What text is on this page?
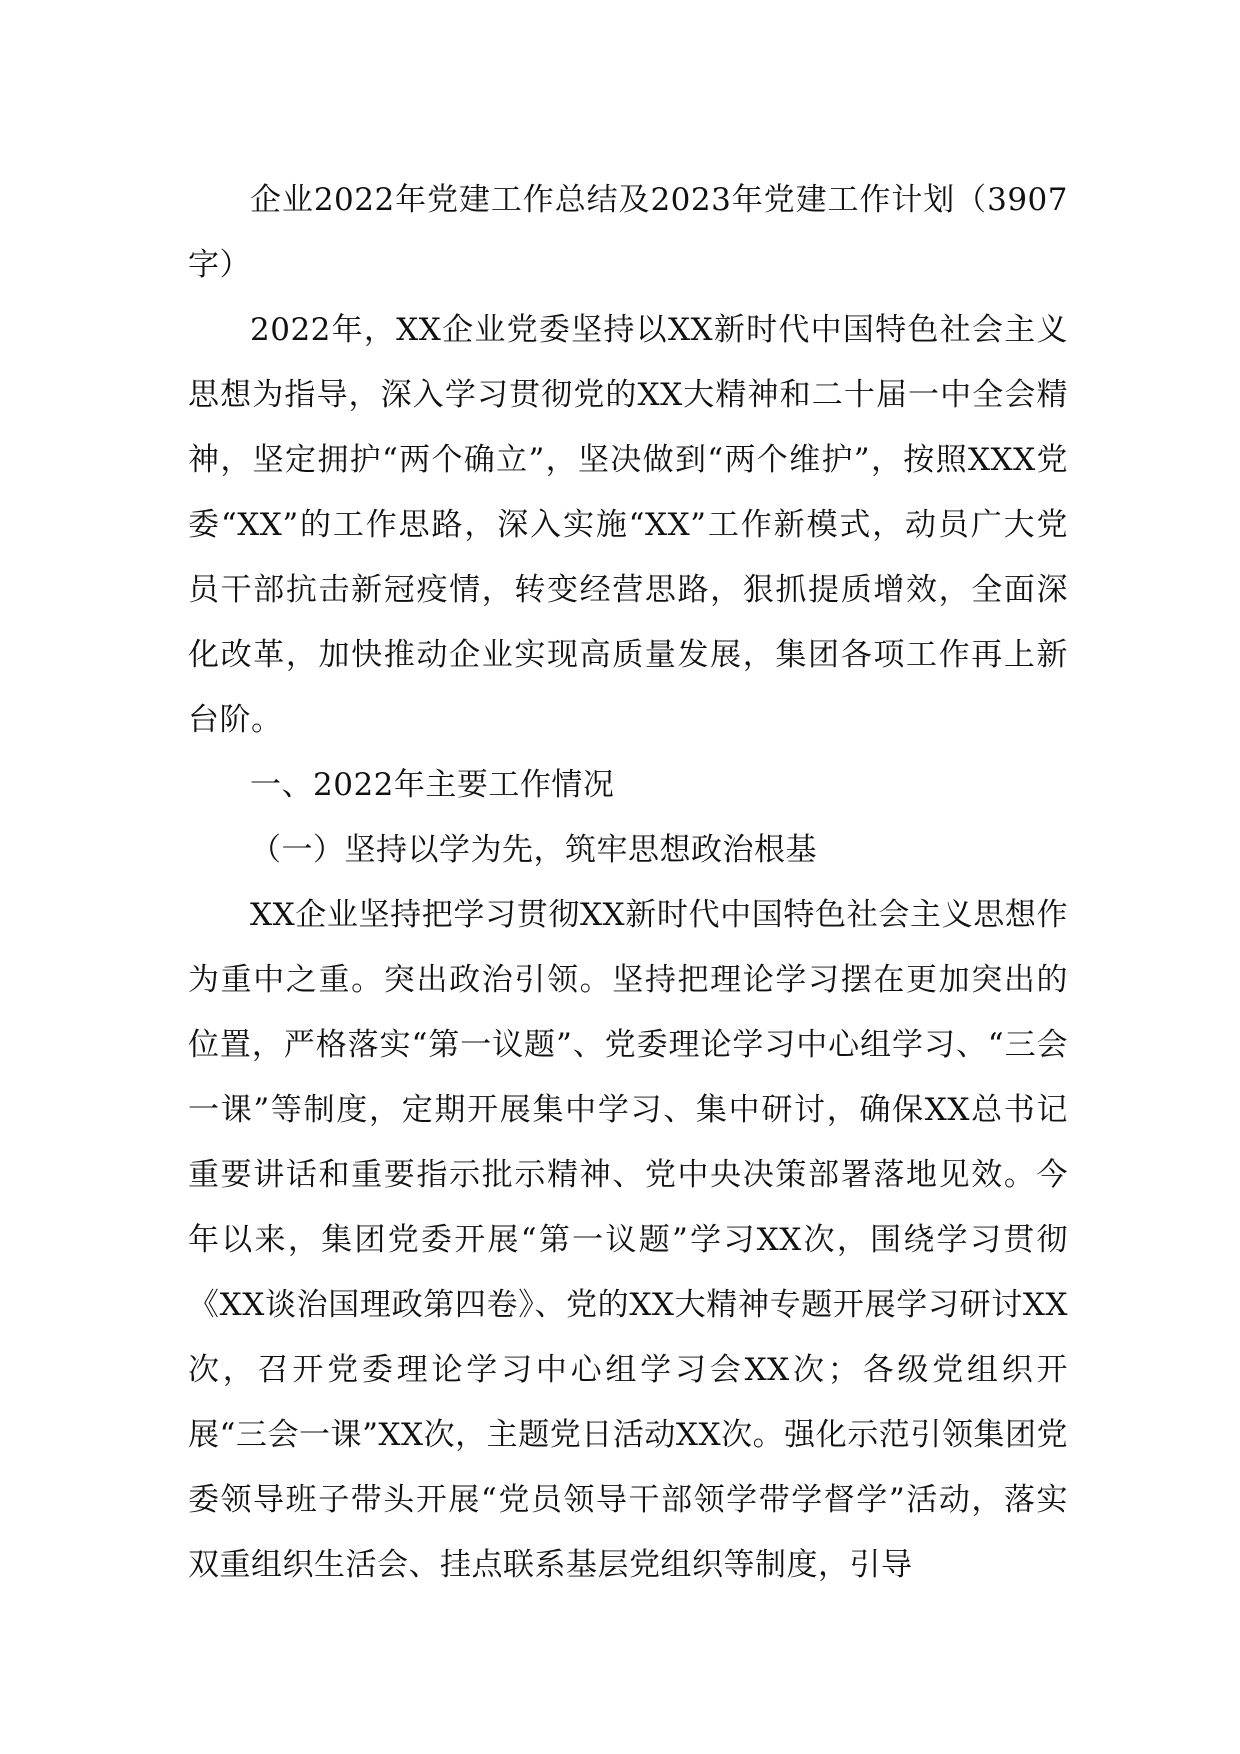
企业2022年党建工作总结及2023年党建工作计划（3907字）

2022年，XX企业党委坚持以XX新时代中国特色社会主义思想为指导，深入学习贯彻党的XX大精神和二十届一中全会精神，坚定拥护“两个确立”，坚决做到“两个维护”，按照XXX党委“XX”的工作思路，深入实施“XX”工作新模式，动员广大党员干部抗击新冠疫情，转变经营思路，狠抓提质增效，全面深化改革，加快推动企业实现高质量发展，集团各项工作再上新台阶。

一、2022年主要工作情况

（一）坚持以学为先，筑牢思想政治根基

XX企业坚持把学习贯彻XX新时代中国特色社会主义思想作为重中之重。突出政治引领。坚持把理论学习摆在更加突出的位置，严格落实“第一议题”、党委理论学习中心组学习、“三会一课”等制度，定期开展集中学习、集中研讨，确保XX总书记重要讲话和重要指示批示精神、党中央决策部署落地见效。今年以来，集团党委开展“第一议题”学习XX次，围绕学习贯彻《XX谈治国理政第四卷》、党的XX大精神专题开展学习研讨XX次，召开党委理论学习中心组学习会XX次；各级党组织开展“三会一课”XX次，主题党日活动XX次。强化示范引领集团党委领导班子带头开展“党员领导干部领学带学督学”活动，落实双重组织生活会、挂点联系基层党组织等制度，引导
